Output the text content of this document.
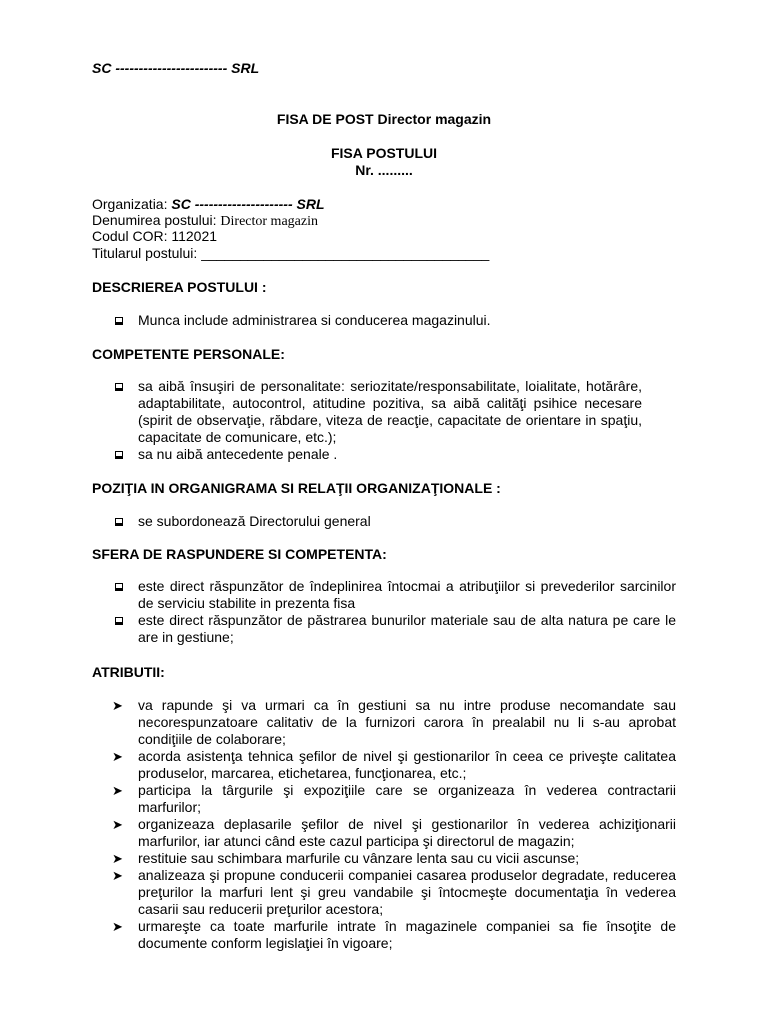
SC ------------------------ SRL
FISA DE POST Director magazin
FISA POSTULUI
Nr. .........
Organizatia: SC --------------------- SRL
Denumirea postului: Director magazin
Codul COR: 112021
Titularul postului: _____________________________________
DESCRIEREA POSTULUI :
Munca include administrarea si conducerea magazinului.
COMPETENTE PERSONALE:
sa aibă însuşiri de personalitate: seriozitate/responsabilitate, loialitate, hotărâre, adaptabilitate, autocontrol, atitudine pozitiva, sa aibă calităţi psihice necesare (spirit de observaţie, răbdare, viteza de reacţie, capacitate de orientare in spaţiu, capacitate de comunicare, etc.);
sa nu aibă antecedente penale .
POZIŢIA IN ORGANIGRAMA SI RELAŢII ORGANIZAŢIONALE :
se subordonează Directorului general
SFERA DE RASPUNDERE SI COMPETENTA:
este direct răspunzător de îndeplinirea întocmai a atribuţiilor si prevederilor sarcinilor de serviciu stabilite in prezenta fisa
este direct răspunzător de păstrarea bunurilor materiale sau de alta natura pe care le are in gestiune;
ATRIBUTII:
➤ va rapunde şi va urmari ca în gestiuni sa nu intre produse necomandate sau necorespunzatoare calitativ de la furnizori carora în prealabil nu li s-au aprobat condiţiile de colaborare;
➤ acorda asistenţa tehnica şefilor de nivel şi gestionarilor în ceea ce priveşte calitatea produselor, marcarea, etichetarea, funcţionarea, etc.;
➤ participa la târgurile şi expoziţiile care se organizeaza în vederea contractarii marfurilor;
➤ organizeaza deplasarile şefilor de nivel şi gestionarilor în vederea achiziţionarii marfurilor, iar atunci când este cazul participa şi directorul de magazin;
➤ restituie sau schimbara marfurile cu vânzare lenta sau cu vicii ascunse;
➤ analizeaza şi propune conducerii companiei casarea produselor degradate, reducerea preţurilor la marfuri lent şi greu vandabile şi întocmeşte documentaţia în vederea casarii sau reducerii preţurilor acestora;
➤ urmareşte ca toate marfurile intrate în magazinele companiei sa fie însoţite de documente conform legislaţiei în vigoare;
